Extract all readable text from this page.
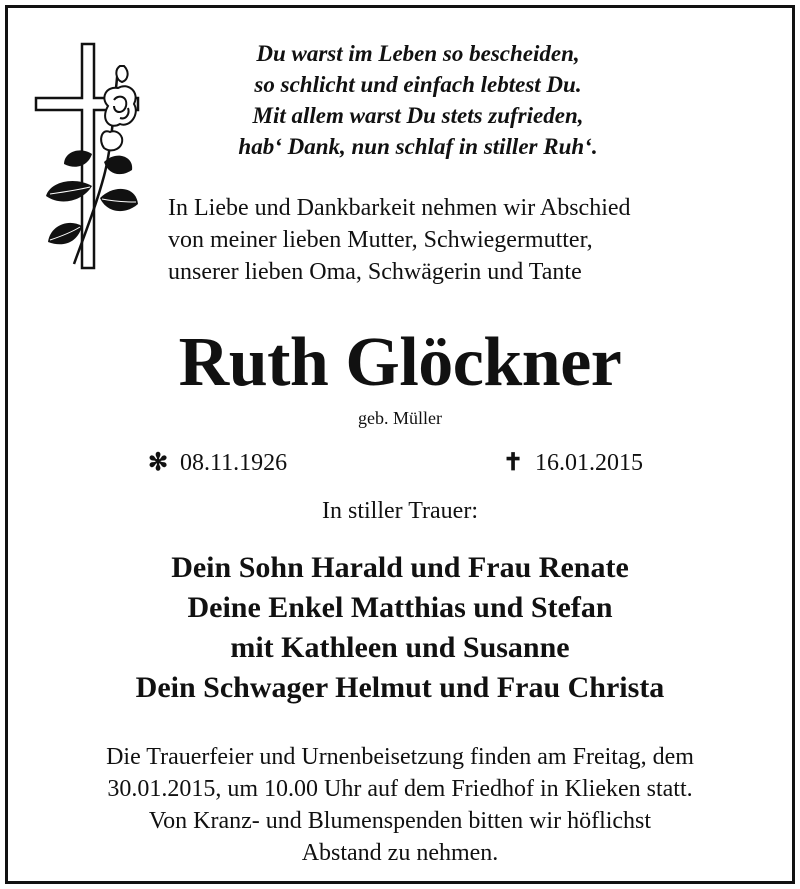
Du warst im Leben so bescheiden,
so schlicht und einfach lebtest Du.
Mit allem warst Du stets zufrieden,
hab‘ Dank, nun schlaf in stiller Ruh‘.
In Liebe und Dankbarkeit nehmen wir Abschied
von meiner lieben Mutter, Schwiegermutter,
unserer lieben Oma, Schwägerin und Tante
Ruth Glöckner
geb. Müller
✻ 08.11.1926	✝ 16.01.2015
In stiller Trauer:
Dein Sohn Harald und Frau Renate
Deine Enkel Matthias und Stefan
mit Kathleen und Susanne
Dein Schwager Helmut und Frau Christa
Die Trauerfeier und Urnenbeisetzung finden am Freitag, dem
30.01.2015, um 10.00 Uhr auf dem Friedhof in Klieken statt.
Von Kranz- und Blumenspenden bitten wir höflichst
Abstand zu nehmen.
